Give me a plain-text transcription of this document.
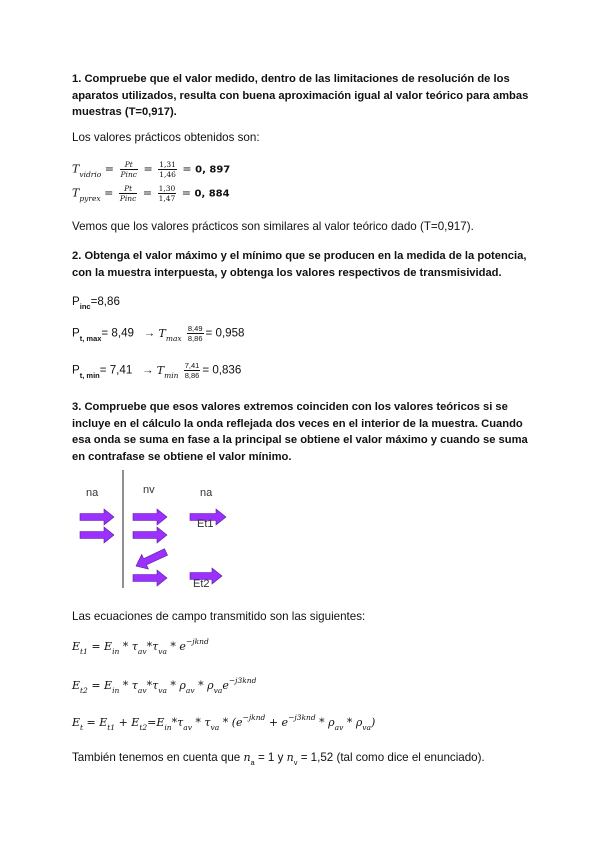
1. Compruebe que el valor medido, dentro de las limitaciones de resolución de los aparatos utilizados, resulta con buena aproximación igual al valor teórico para ambas muestras (T=0,917).
Los valores prácticos obtenidos son:
$T_{vidrio} = \frac{Pt}{\text{Pinc}} = \frac{1,31}{1,46} = 0$, 897
$T_{pyrex} = \frac{Pt}{\text{Pinc}} = \frac{1,30}{1,47} = 0$, 884
Vemos que los valores prácticos son similares al valor teórico dado (T=0,917).
2. Obtenga el valor máximo y el mínimo que se producen en la medida de la potencia, con la muestra interpuesta, y obtenga los valores respectivos de transmisividad.
$P_{inc}=8,86$
$P_{t, max}= 8,49 \to T_{max} \frac{8,49}{8,86} = 0,958$
$P_{t, min}= 7,41 \to T_{min} \frac{7,41}{8,86} = 0,836$
3. Compruebe que esos valores extremos coinciden con los valores teóricos si se incluye en el cálculo la onda reflejada dos veces en el interior de la muestra. Cuando esa onda se suma en fase a la principal se obtiene el valor máximo y cuando se suma en contrafase se obtiene el valor mínimo.
na	nv	na
Et1
Et2
Las ecuaciones de campo transmitido son las siguientes:
$E_{t1} = E_{in} * \tau_{av}*\tau_{va} * e^{-jknd}$
$E_{t2} = E_{in} * \tau_{av}*\tau_{va} * \rho_{av} * \rho_{va}e^{-j3knd}$
$E_t = E_{t1} + E_{t2}=E_{in}*\tau_{av} * \tau_{va} * (e^{-jknd} + e^{-j3knd} * \rho_{av} * \rho_{va})$
También tenemos en cuenta que $n_a = 1$ y $n_v = 1,52$ (tal como dice el enunciado).
